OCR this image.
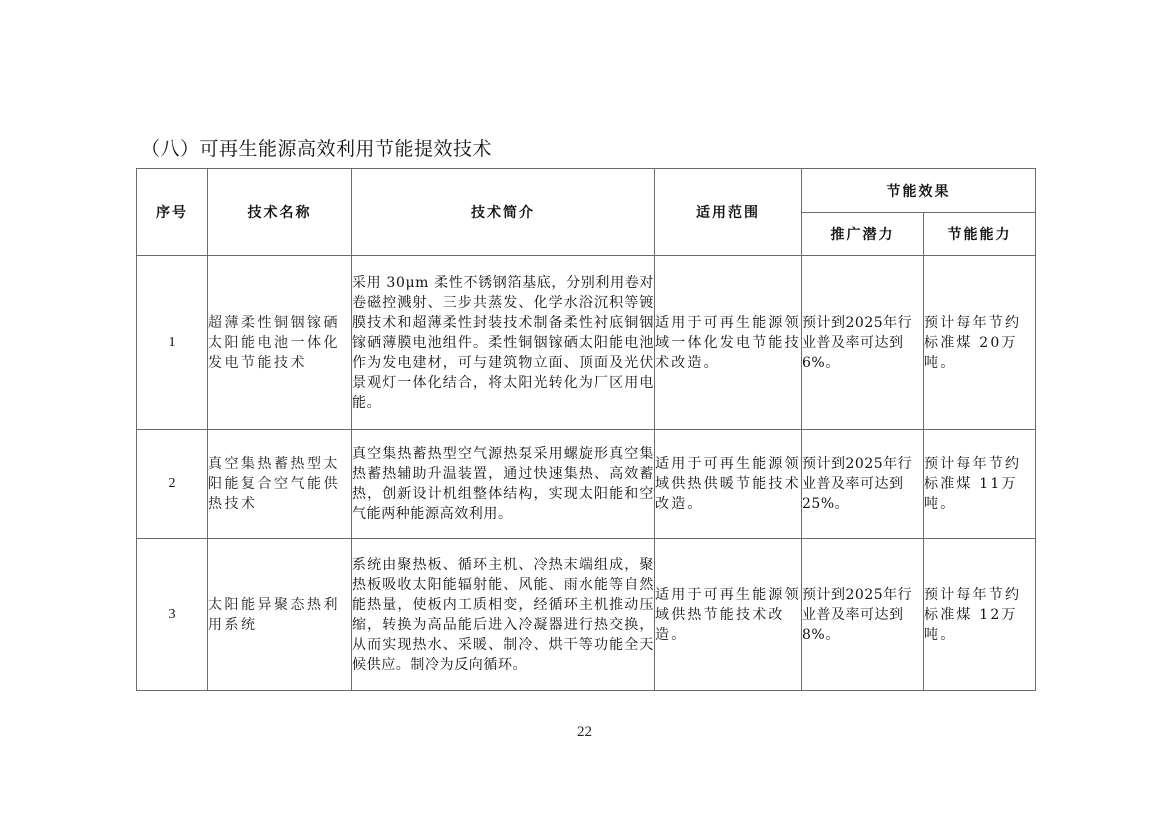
（八）可再生能源高效利用节能提效技术
序号	技术名称	技术简介	适用范围	节能效果	
				推广潜力	节能能力
1	超薄柔性铜铟镓硒太阳能电池一体化发电节能技术	采用 30μm 柔性不锈钢箔基底，分别利用卷对卷磁控溅射、三步共蒸发、化学水浴沉积等镀膜技术和超薄柔性封装技术制备柔性衬底铜铟镓硒薄膜电池组件。柔性铜铟镓硒太阳能电池作为发电建材，可与建筑物立面、顶面及光伏景观灯一体化结合，将太阳光转化为厂区用电能。	适用于可再生能源领域一体化发电节能技术改造。	预计到2025年行业普及率可达到6%。	预计每年节约标准煤 20万吨。
2	真空集热蓄热型太阳能复合空气能供热技术	真空集热蓄热型空气源热泵采用螺旋形真空集热蓄热辅助升温装置，通过快速集热、高效蓄热，创新设计机组整体结构，实现太阳能和空气能两种能源高效利用。	适用于可再生能源领域供热供暖节能技术改造。	预计到2025年行业普及率可达到25%。	预计每年节约标准煤 11万吨。
3	太阳能异聚态热利用系统	系统由聚热板、循环主机、冷热末端组成，聚热板吸收太阳能辐射能、风能、雨水能等自然能热量，使板内工质相变，经循环主机推动压缩，转换为高品能后进入冷凝器进行热交换，从而实现热水、采暖、制冷、烘干等功能全天候供应。制冷为反向循环。	适用于可再生能源领域供热节能技术改造。	预计到2025年行业普及率可达到8%。	预计每年节约标准煤 12万吨。
22
